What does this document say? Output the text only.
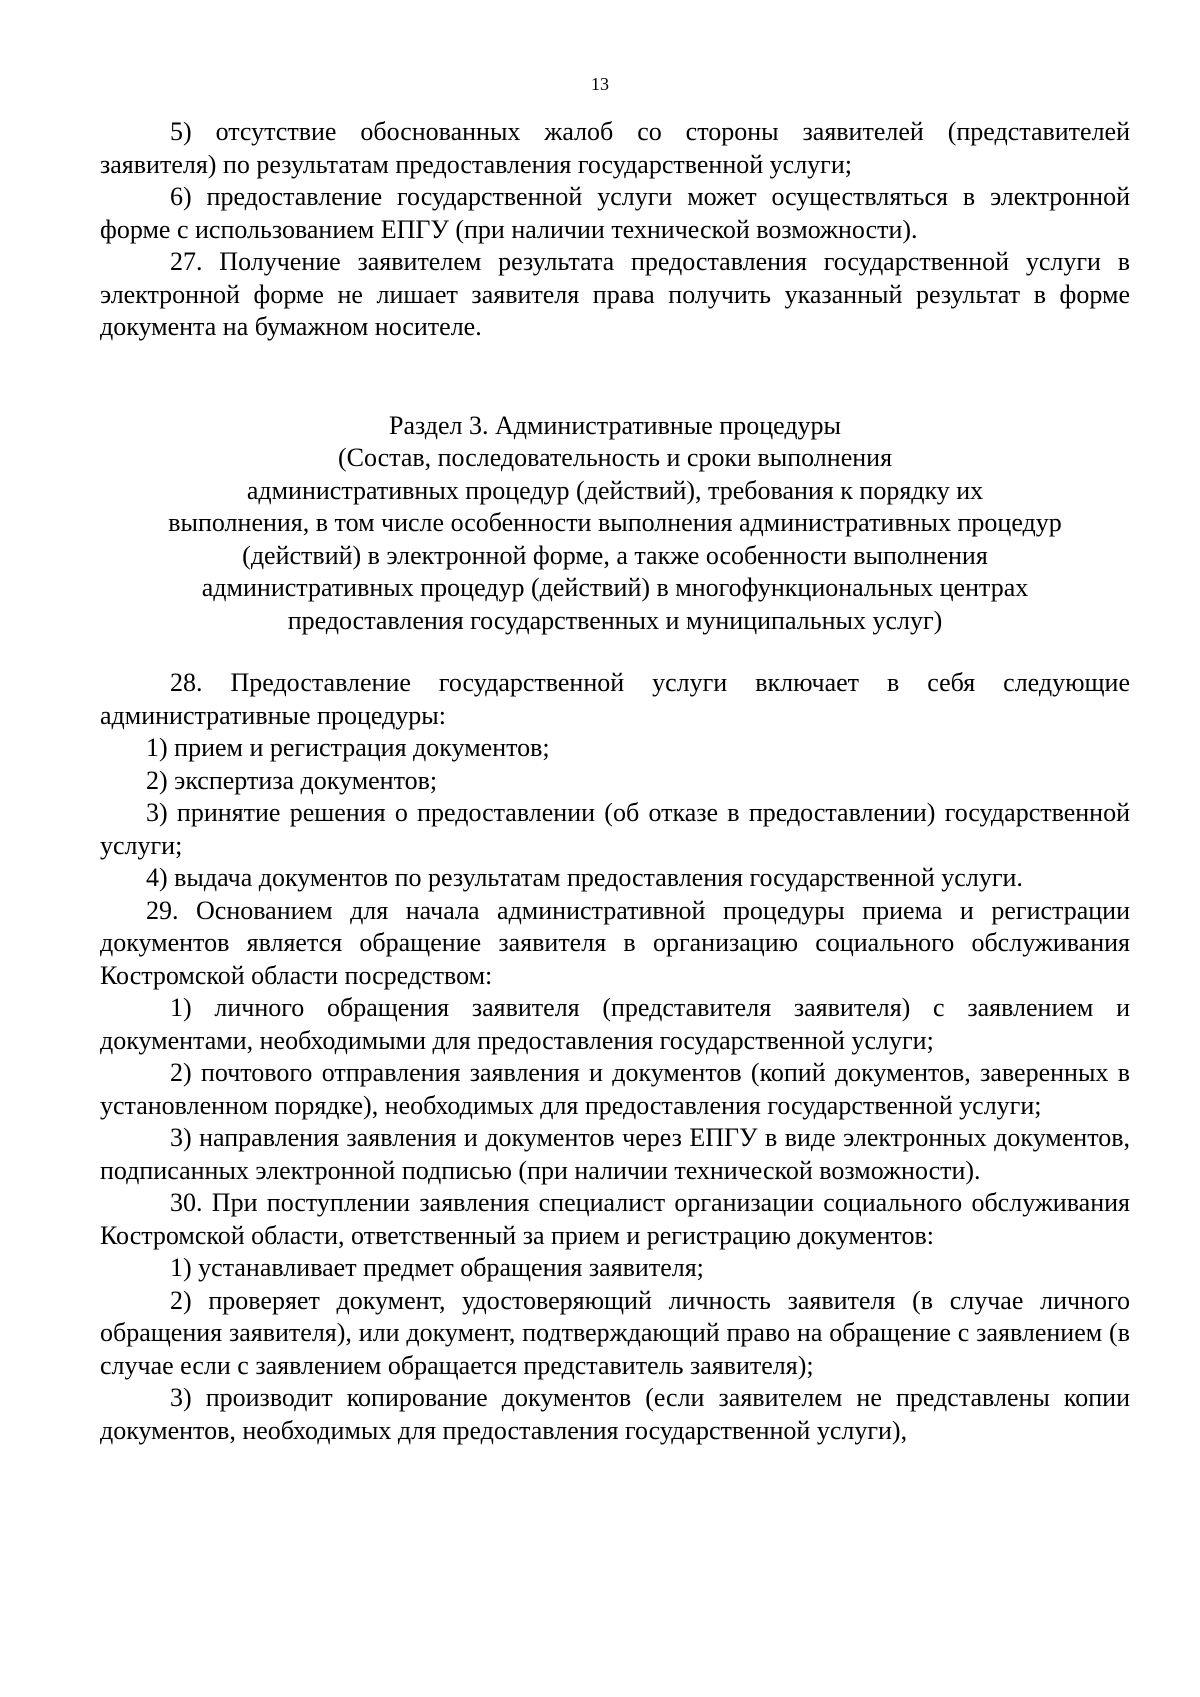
13

5) отсутствие обоснованных жалоб со стороны заявителей (представителей заявителя) по результатам предоставления государственной услуги;

6) предоставление государственной услуги может осуществляться в электронной форме с использованием ЕПГУ (при наличии технической возможности).

27. Получение заявителем результата предоставления государственной услуги в электронной форме не лишает заявителя права получить указанный результат в форме документа на бумажном носителе.

Раздел 3. Административные процедуры
(Состав, последовательность и сроки выполнения
административных процедур (действий), требования к порядку их
выполнения, в том числе особенности выполнения административных процедур
(действий) в электронной форме, а также особенности выполнения
административных процедур (действий) в многофункциональных центрах
предоставления государственных и муниципальных услуг)

28. Предоставление государственной услуги включает в себя следующие административные процедуры:

1) прием и регистрация документов;

2) экспертиза документов;

3) принятие решения о предоставлении (об отказе в предоставлении) государственной услуги;

4) выдача документов по результатам предоставления государственной услуги.

29. Основанием для начала административной процедуры приема и регистрации документов является обращение заявителя в организацию социального обслуживания Костромской области посредством:

1) личного обращения заявителя (представителя заявителя) с заявлением и документами, необходимыми для предоставления государственной услуги;

2) почтового отправления заявления и документов (копий документов, заверенных в установленном порядке), необходимых для предоставления государственной услуги;

3) направления заявления и документов через ЕПГУ в виде электронных документов, подписанных электронной подписью (при наличии технической возможности).

30. При поступлении заявления специалист организации социального обслуживания Костромской области, ответственный за прием и регистрацию документов:

1) устанавливает предмет обращения заявителя;

2) проверяет документ, удостоверяющий личность заявителя (в случае личного обращения заявителя), или документ, подтверждающий право на обращение с заявлением (в случае если с заявлением обращается представитель заявителя);

3) производит копирование документов (если заявителем не представлены копии документов, необходимых для предоставления государственной услуги),
